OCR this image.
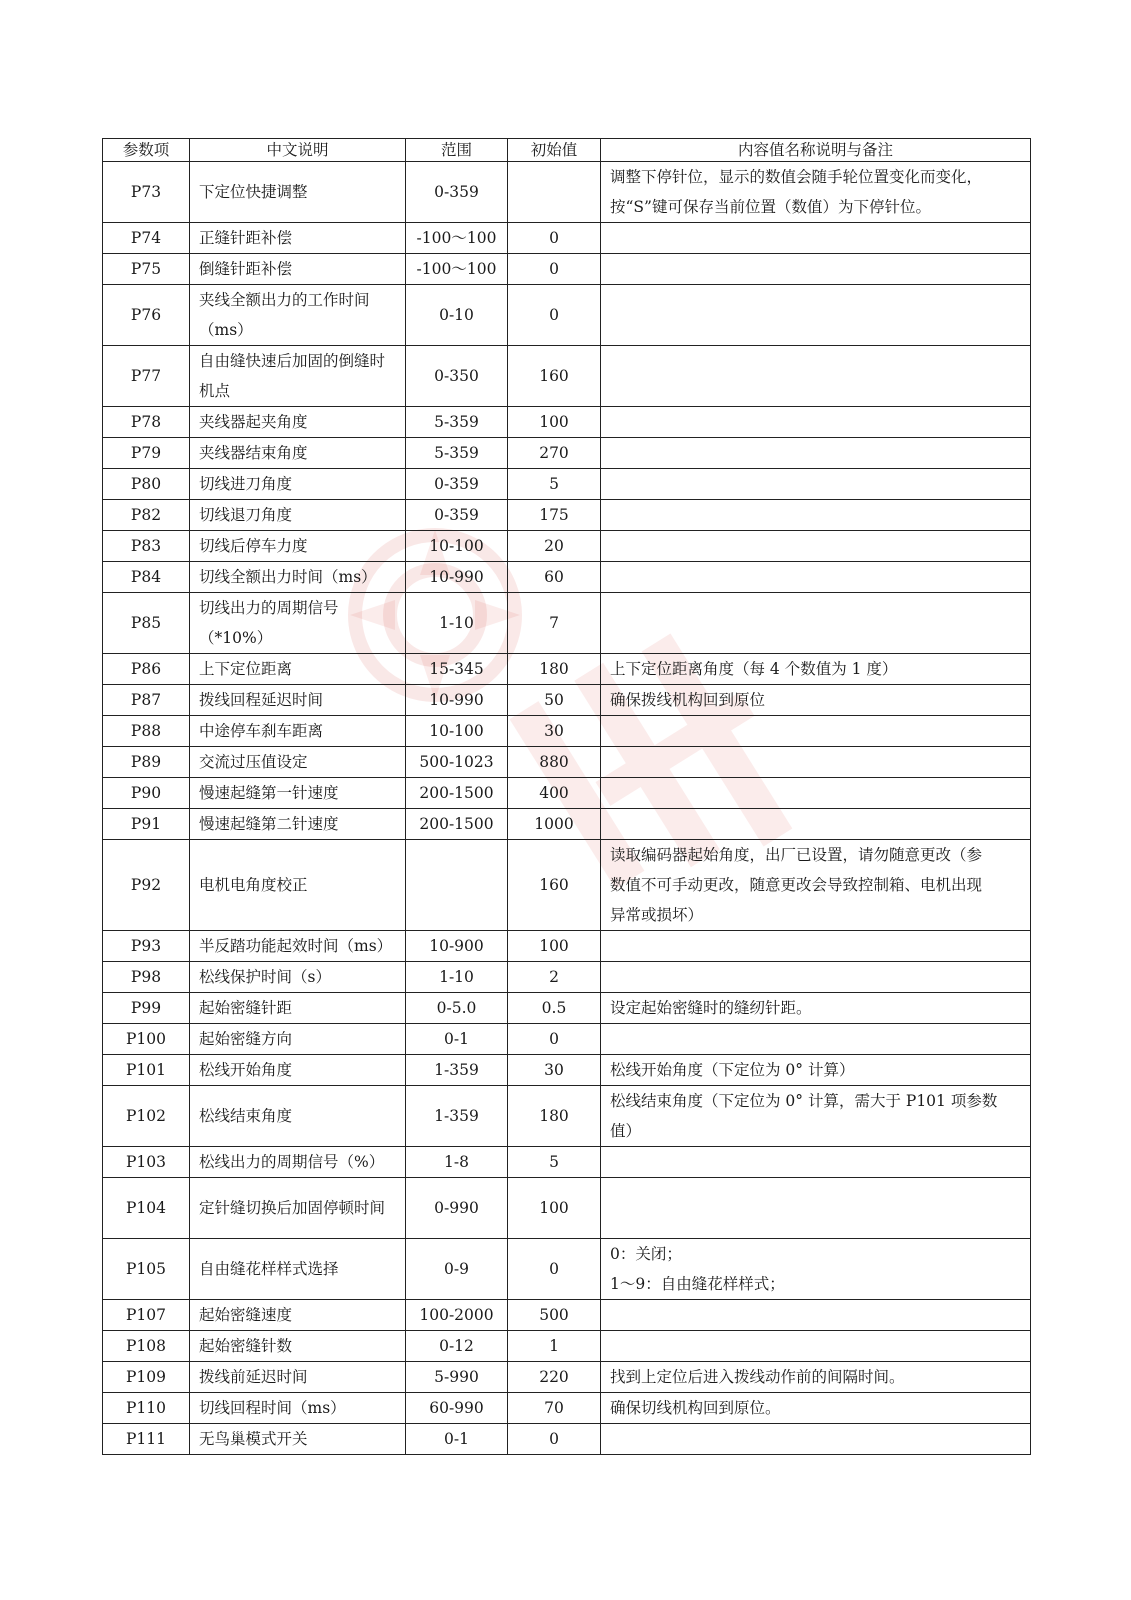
参数项	中文说明	范围	初始值	内容值名称说明与备注
P73	下定位快捷调整	0-359		调整下停针位，显示的数值会随手轮位置变化而变化，
按“S”键可保存当前位置（数值）为下停针位。

P74	正缝针距补偿	-100～100	0	
P75	倒缝针距补偿	-100～100	0	
P76	夹线全额出力的工作时间（ms）	0-10	0	
P77	自由缝快速后加固的倒缝时机点	0-350	160	
P78	夹线器起夹角度	5-359	100	
P79	夹线器结束角度	5-359	270	
P80	切线进刀角度	0-359	5	
P82	切线退刀角度	0-359	175	
P83	切线后停车力度	10-100	20	
P84	切线全额出力时间（ms）	10-990	60	
P85	切线出力的周期信号（*10%）	1-10	7	
P86	上下定位距离	15-345	180	上下定位距离角度（每 4 个数值为 1 度）

P87	拨线回程延迟时间	10-990	50	确保拨线机构回到原位

P88	中途停车刹车距离	10-100	30	
P89	交流过压值设定	500-1023	880	
P90	慢速起缝第一针速度	200-1500	400	
P91	慢速起缝第二针速度	200-1500	1000	
P92	电机电角度校正		160	读取编码器起始角度，出厂已设置，请勿随意更改（参
数值不可手动更改，随意更改会导致控制箱、电机出现
异常或损坏）

P93	半反踏功能起效时间（ms）	10-900	100	
P98	松线保护时间（s）	1-10	2	
P99	起始密缝针距	0-5.0	0.5	设定起始密缝时的缝纫针距。

P100	起始密缝方向	0-1	0	
P101	松线开始角度	1-359	30	松线开始角度（下定位为 0° 计算）

P102	松线结束角度	1-359	180	松线结束角度（下定位为 0° 计算，需大于 P101 项参数
值）

P103	松线出力的周期信号（%）	1-8	5	
P104	定针缝切换后加固停顿时间	0-990	100	
P105	自由缝花样样式选择	0-9	0	0：关闭；
1～9：自由缝花样样式；

P107	起始密缝速度	100-2000	500	
P108	起始密缝针数	0-12	1	
P109	拨线前延迟时间	5-990	220	找到上定位后进入拨线动作前的间隔时间。

P110	切线回程时间（ms）	60-990	70	确保切线机构回到原位。

P111	无鸟巢模式开关	0-1	0	
